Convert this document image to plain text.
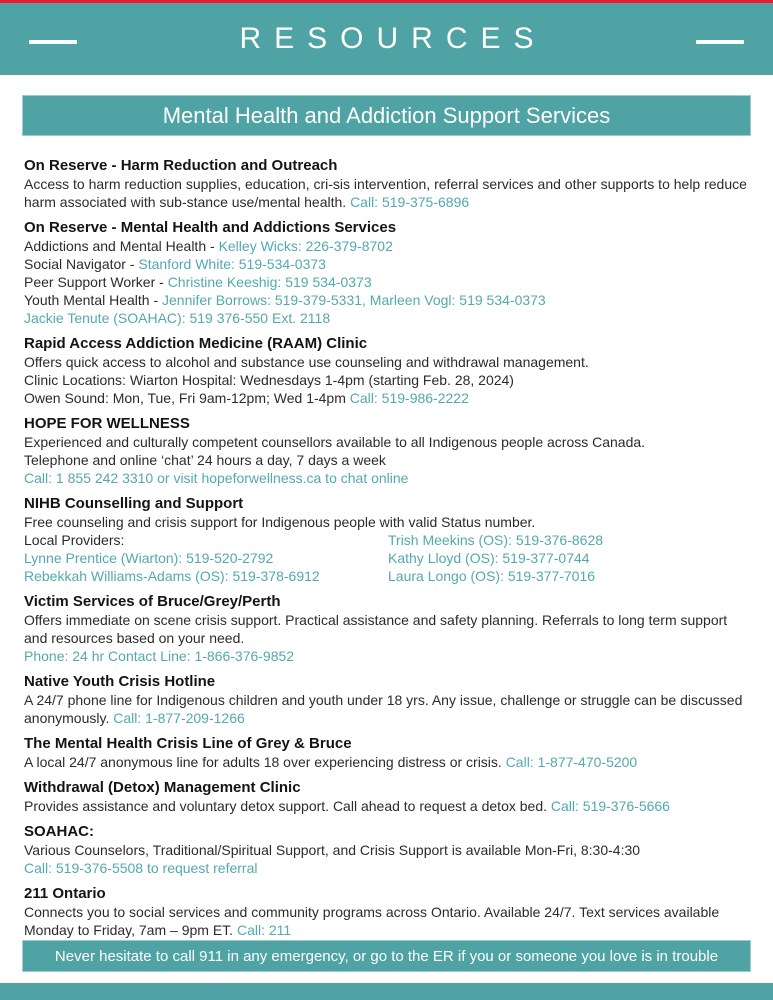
RESOURCES
Mental Health and Addiction Support Services
On Reserve - Harm Reduction and Outreach
Access to harm reduction supplies, education, cri-sis intervention, referral services and other supports to help reduce harm associated with sub-stance use/mental health. Call: 519-375-6896
On Reserve - Mental Health and Addictions Services
Addictions and Mental Health - Kelley Wicks: 226-379-8702
Social Navigator - Stanford White: 519-534-0373
Peer Support Worker - Christine Keeshig: 519 534-0373
Youth Mental Health - Jennifer Borrows: 519-379-5331, Marleen Vogl: 519 534-0373
Jackie Tenute (SOAHAC): 519 376-550 Ext. 2118
Rapid Access Addiction Medicine (RAAM) Clinic
Offers quick access to alcohol and substance use counseling and withdrawal management.
Clinic Locations: Wiarton Hospital: Wednesdays 1-4pm (starting Feb. 28, 2024)
Owen Sound: Mon, Tue, Fri 9am-12pm; Wed 1-4pm Call: 519-986-2222
HOPE FOR WELLNESS
Experienced and culturally competent counsellors available to all Indigenous people across Canada.
Telephone and online ‘chat’ 24 hours a day, 7 days a week
Call: 1 855 242 3310 or visit hopeforwellness.ca to chat online
NIHB Counselling and Support
Free counseling and crisis support for Indigenous people with valid Status number.
Local Providers:	Trish Meekins (OS): 519-376-8628
Lynne Prentice (Wiarton): 519-520-2792	Kathy Lloyd (OS): 519-377-0744
Rebekkah Williams-Adams (OS): 519-378-6912	Laura Longo (OS): 519-377-7016
Victim Services of Bruce/Grey/Perth
Offers immediate on scene crisis support. Practical assistance and safety planning. Referrals to long term support and resources based on your need.
Phone: 24 hr Contact Line: 1-866-376-9852
Native Youth Crisis Hotline
A 24/7 phone line for Indigenous children and youth under 18 yrs. Any issue, challenge or struggle can be discussed anonymously. Call: 1-877-209-1266
The Mental Health Crisis Line of Grey & Bruce
A local 24/7 anonymous line for adults 18 over experiencing distress or crisis. Call: 1-877-470-5200
Withdrawal (Detox) Management Clinic
Provides assistance and voluntary detox support. Call ahead to request a detox bed. Call: 519-376-5666
SOAHAC:
Various Counselors, Traditional/Spiritual Support, and Crisis Support is available Mon-Fri, 8:30-4:30
Call: 519-376-5508 to request referral
211 Ontario
Connects you to social services and community programs across Ontario. Available 24/7. Text services available Monday to Friday, 7am – 9pm ET. Call: 211
Never hesitate to call 911 in any emergency, or go to the ER if you or someone you love is in trouble
